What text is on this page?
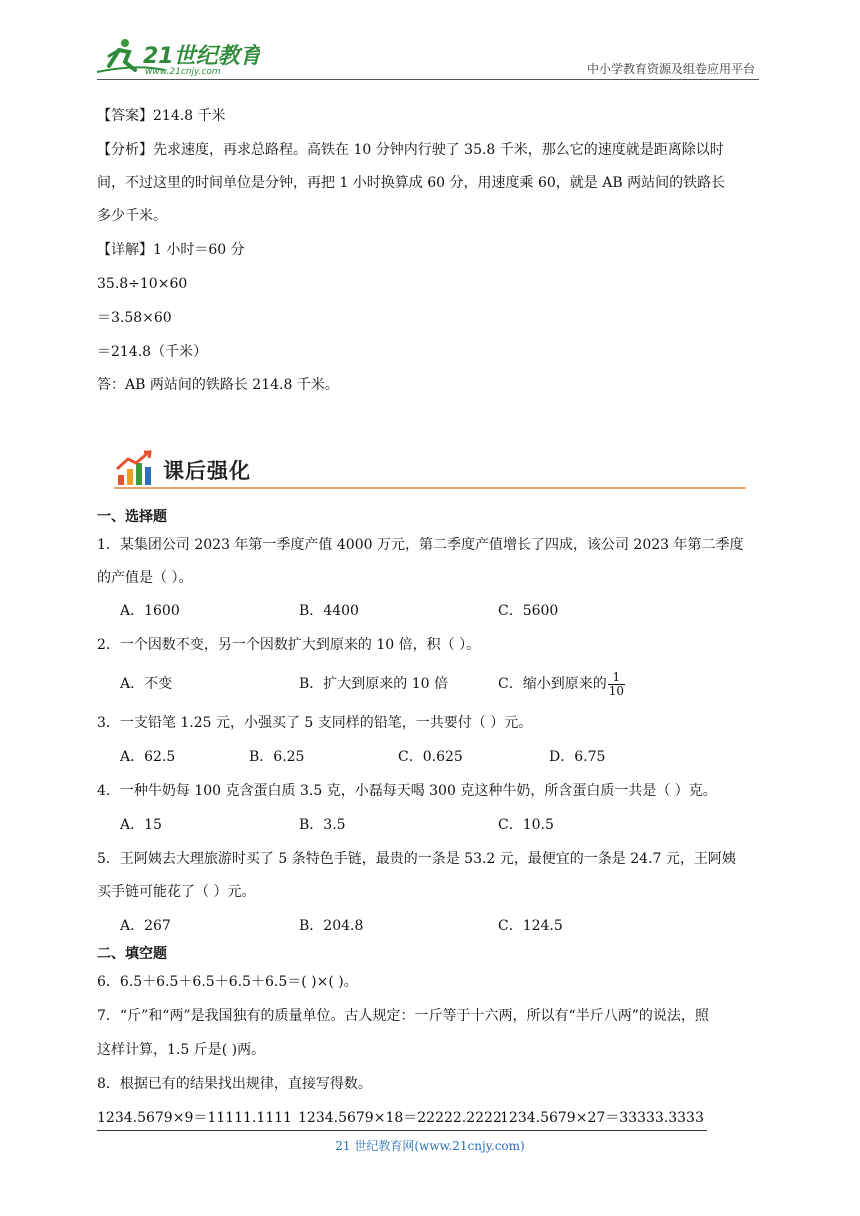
21世纪教育
www.21cnjy.com	中小学教育资源及组卷应用平台
【答案】214.8 千米
【分析】先求速度，再求总路程。高铁在 10 分钟内行驶了 35.8 千米，那么它的速度就是距离除以时
间，不过这里的时间单位是分钟，再把 1 小时换算成 60 分，用速度乘 60，就是 AB 两站间的铁路长
多少千米。
【详解】1 小时＝60 分
35.8÷10×60
＝3.58×60
＝214.8（千米）
答：AB 两站间的铁路长 214.8 千米。
课后强化
一、选择题
1．某集团公司 2023 年第一季度产值 4000 万元，第二季度产值增长了四成，该公司 2023 年第二季度
的产值是（ ）。
A．1600	B．4400	C．5600
2．一个因数不变，另一个因数扩大到原来的 10 倍，积（ ）。
A．不变	B．扩大到原来的 10 倍	C．缩小到原来的 $\frac{1}{10}$
3．一支铅笔 1.25 元，小强买了 5 支同样的铅笔，一共要付（ ）元。
A．62.5	B．6.25	C．0.625	D．6.75
4．一种牛奶每 100 克含蛋白质 3.5 克，小磊每天喝 300 克这种牛奶，所含蛋白质一共是（ ）克。
A．15	B．3.5	C．10.5
5．王阿姨去大理旅游时买了 5 条特色手链，最贵的一条是 53.2 元，最便宜的一条是 24.7 元，王阿姨
买手链可能花了（ ）元。
A．267	B．204.8	C．124.5
二、填空题
6．6.5＋6.5＋6.5＋6.5＋6.5＝( )×( )。
7．“斤”和“两”是我国独有的质量单位。古人规定：一斤等于十六两，所以有“半斤八两”的说法，照
这样计算，1.5 斤是( )两。
8．根据已有的结果找出规律，直接写得数。
1234.5679×9＝11111.1111 1234.5679×18＝22222.2222
1234.5679×27＝33333.3333
21 世纪教育网(www.21cnjy.com)
